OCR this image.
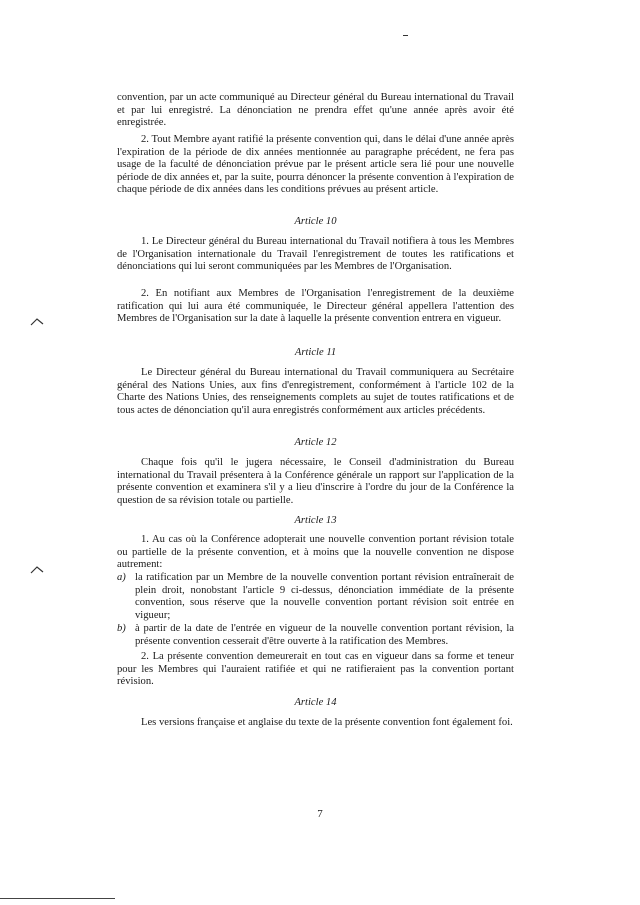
convention, par un acte communiqué au Directeur général du Bureau international du Travail et par lui enregistré. La dénonciation ne prendra effet qu'une année après avoir été enregistrée.

2. Tout Membre ayant ratifié la présente convention qui, dans le délai d'une année après l'expiration de la période de dix années mentionnée au paragraphe précédent, ne fera pas usage de la faculté de dénonciation prévue par le présent article sera lié pour une nouvelle période de dix années et, par la suite, pourra dénoncer la présente convention à l'expiration de chaque période de dix années dans les conditions prévues au présent article.

Article 10

1. Le Directeur général du Bureau international du Travail notifiera à tous les Membres de l'Organisation internationale du Travail l'enregistrement de toutes les ratifications et dénonciations qui lui seront communiquées par les Membres de l'Organisation.

2. En notifiant aux Membres de l'Organisation l'enregistrement de la deuxième ratification qui lui aura été communiquée, le Directeur général appellera l'attention des Membres de l'Organisation sur la date à laquelle la présente convention entrera en vigueur.

Article 11

Le Directeur général du Bureau international du Travail communiquera au Secrétaire général des Nations Unies, aux fins d'enregistrement, conformément à l'article 102 de la Charte des Nations Unies, des renseignements complets au sujet de toutes ratifications et de tous actes de dénonciation qu'il aura enregistrés conformément aux articles précédents.

Article 12

Chaque fois qu'il le jugera nécessaire, le Conseil d'administration du Bureau international du Travail présentera à la Conférence générale un rapport sur l'application de la présente convention et examinera s'il y a lieu d'inscrire à l'ordre du jour de la Conférence la question de sa révision totale ou partielle.

Article 13

1. Au cas où la Conférence adopterait une nouvelle convention portant révision totale ou partielle de la présente convention, et à moins que la nouvelle convention ne dispose autrement:

a) la ratification par un Membre de la nouvelle convention portant révision entraînerait de plein droit, nonobstant l'article 9 ci-dessus, dénonciation immédiate de la présente convention, sous réserve que la nouvelle convention portant révision soit entrée en vigueur;
b) à partir de la date de l'entrée en vigueur de la nouvelle convention portant révision, la présente convention cesserait d'être ouverte à la ratification des Membres.

2. La présente convention demeurerait en tout cas en vigueur dans sa forme et teneur pour les Membres qui l'auraient ratifiée et qui ne ratifieraient pas la convention portant révision.

Article 14

Les versions française et anglaise du texte de la présente convention font également foi.

7
